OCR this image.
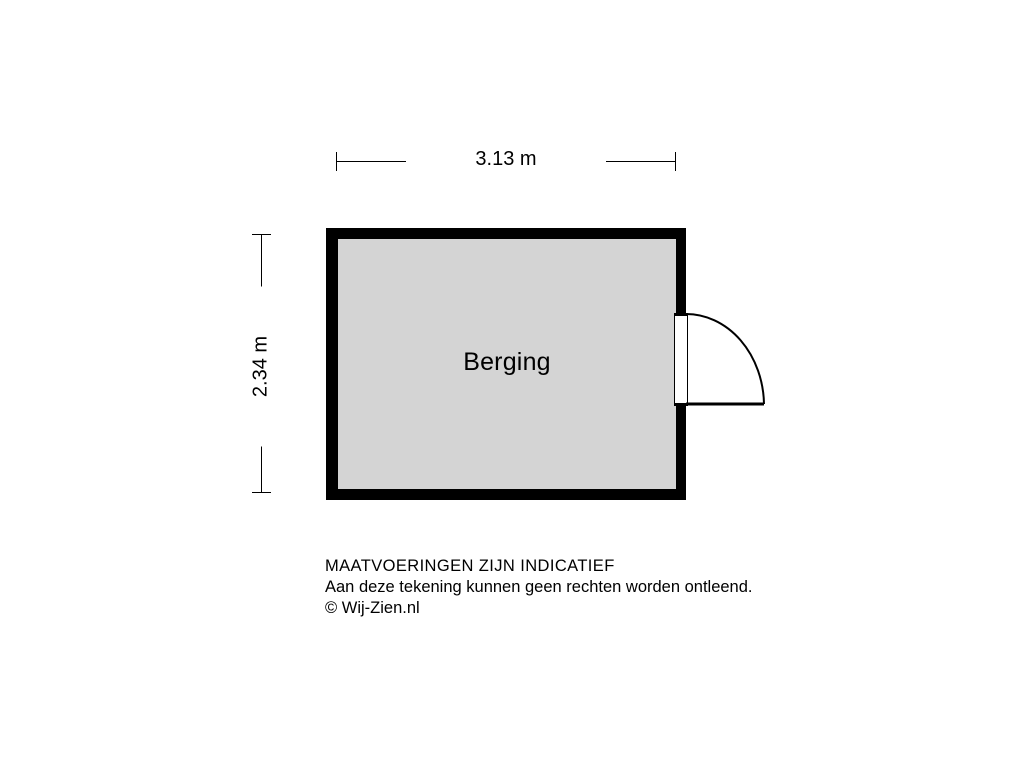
3.13 m
2.34 m	Berging
MAATVOERINGEN ZIJN INDICATIEF
Aan deze tekening kunnen geen rechten worden ontleend.
© Wij-Zien.nl
